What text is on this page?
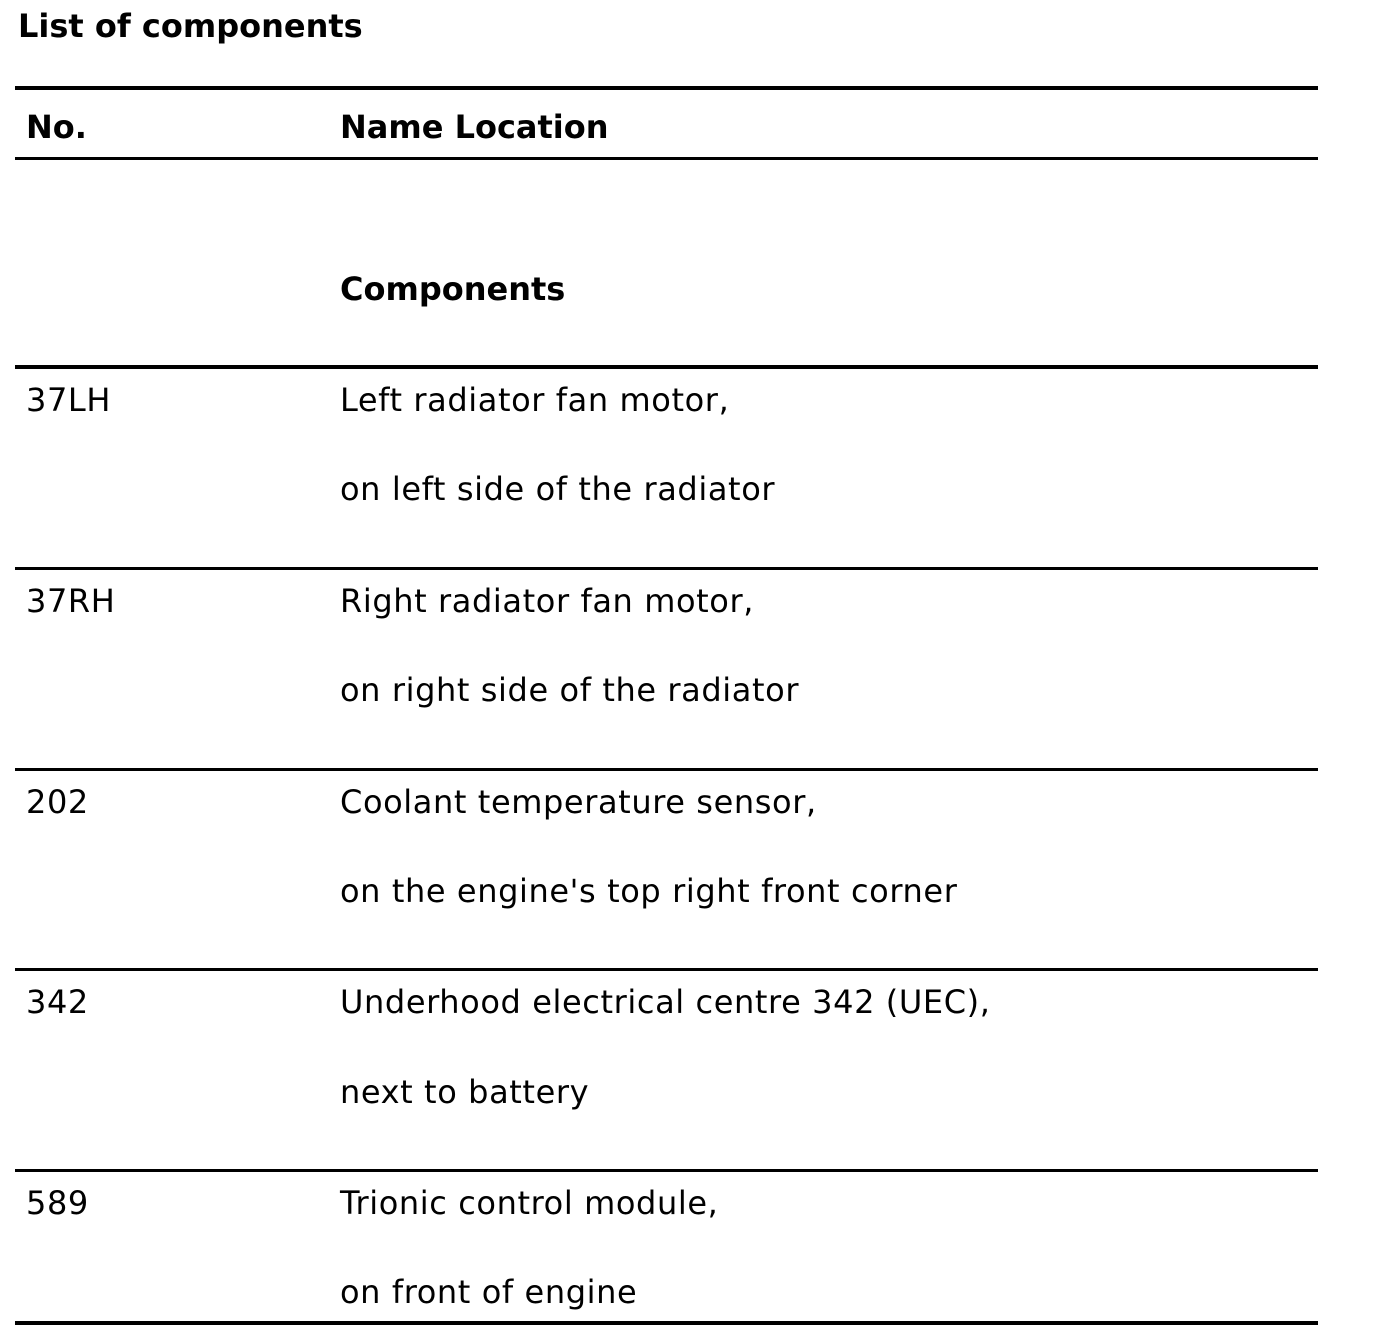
List of components
No.	Name Location
Components
37LH	Left radiator fan motor,
on left side of the radiator
37RH	Right radiator fan motor,
on right side of the radiator
202	Coolant temperature sensor,
on the engine's top right front corner
342	Underhood electrical centre 342 (UEC),
next to battery
589	Trionic control module,
on front of engine
